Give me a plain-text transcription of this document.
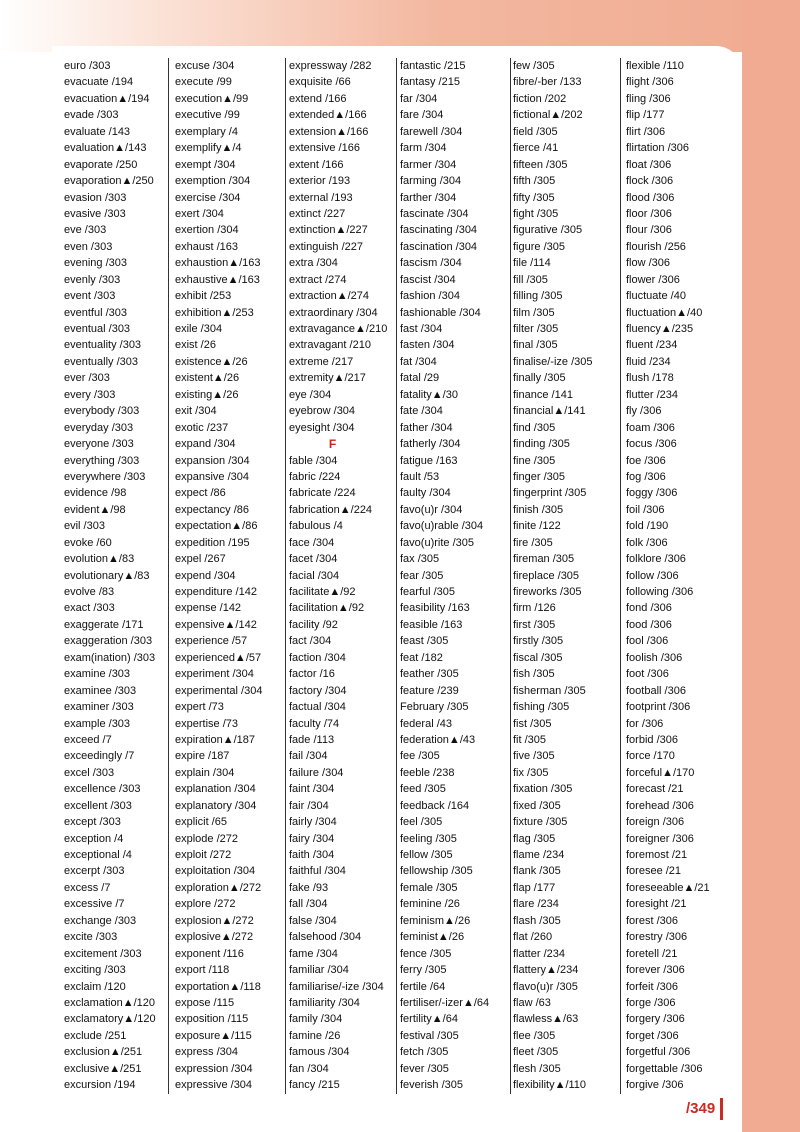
euro /303
evacuate /194
evacuation▲/194
evade /303
evaluate /143
evaluation▲/143
evaporate /250
evaporation▲/250
evasion /303
evasive /303
eve /303
even /303
evening /303
evenly /303
event /303
eventful /303
eventual /303
eventuality /303
eventually /303
ever /303
every /303
everybody /303
everyday /303
everyone /303
everything /303
everywhere /303
evidence /98
evident▲/98
evil /303
evoke /60
evolution▲/83
evolutionary▲/83
evolve /83
exact /303
exaggerate /171
exaggeration /303
exam(ination) /303
examine /303
examinee /303
examiner /303
example /303
exceed /7
exceedingly /7
excel /303
excellence /303
excellent /303
except /303
exception /4
exceptional /4
excerpt /303
excess /7
excessive /7
exchange /303
excite /303
excitement /303
exciting /303
exclaim /120
exclamation▲/120
exclamatory▲/120
exclude /251
exclusion▲/251
exclusive▲/251
excursion /194
excuse /304
execute /99
execution▲/99
executive /99
exemplary /4
exemplify▲/4
exempt /304
exemption /304
exercise /304
exert /304
exertion /304
exhaust /163
exhaustion▲/163
exhaustive▲/163
exhibit /253
exhibition▲/253
exile /304
exist /26
existence▲/26
existent▲/26
existing▲/26
exit /304
exotic /237
expand /304
expansion /304
expansive /304
expect /86
expectancy /86
expectation▲/86
expedition /195
expel /267
expend /304
expenditure /142
expense /142
expensive▲/142
experience /57
experienced▲/57
experiment /304
experimental /304
expert /73
expertise /73
expiration▲/187
expire /187
explain /304
explanation /304
explanatory /304
explicit /65
explode /272
exploit /272
exploitation /304
exploration▲/272
explore /272
explosion▲/272
explosive▲/272
exponent /116
export /118
exportation▲/118
expose /115
exposition /115
exposure▲/115
express /304
expression /304
expressive /304
expressway /282
exquisite /66
extend /166
extended▲/166
extension▲/166
extensive /166
extent /166
exterior /193
external /193
extinct /227
extinction▲/227
extinguish /227
extra /304
extract /274
extraction▲/274
extraordinary /304
extravagance▲/210
extravagant /210
extreme /217
extremity▲/217
eye /304
eyebrow /304
eyesight /304
F
fable /304
fabric /224
fabricate /224
fabrication▲/224
fabulous /4
face /304
facet /304
facial /304
facilitate▲/92
facilitation▲/92
facility /92
fact /304
faction /304
factor /16
factory /304
factual /304
faculty /74
fade /113
fail /304
failure /304
faint /304
fair /304
fairly /304
fairy /304
faith /304
faithful /304
fake /93
fall /304
false /304
falsehood /304
fame /304
familiar /304
familiarise/-ize /304
familiarity /304
family /304
famine /26
famous /304
fan /304
fancy /215
fantastic /215
fantasy /215
far /304
fare /304
farewell /304
farm /304
farmer /304
farming /304
farther /304
fascinate /304
fascinating /304
fascination /304
fascism /304
fascist /304
fashion /304
fashionable /304
fast /304
fasten /304
fat /304
fatal /29
fatality▲/30
fate /304
father /304
fatherly /304
fatigue /163
fault /53
faulty /304
favo(u)r /304
favo(u)rable /304
favo(u)rite /305
fax /305
fear /305
fearful /305
feasibility /163
feasible /163
feast /305
feat /182
feather /305
feature /239
February /305
federal /43
federation▲/43
fee /305
feeble /238
feed /305
feedback /164
feel /305
feeling /305
fellow /305
fellowship /305
female /305
feminine /26
feminism▲/26
feminist▲/26
fence /305
ferry /305
fertile /64
fertiliser/-izer▲/64
fertility▲/64
festival /305
fetch /305
fever /305
feverish /305
few /305
fibre/-ber /133
fiction /202
fictional▲/202
field /305
fierce /41
fifteen /305
fifth /305
fifty /305
fight /305
figurative /305
figure /305
file /114
fill /305
filling /305
film /305
filter /305
final /305
finalise/-ize /305
finally /305
finance /141
financial▲/141
find /305
finding /305
fine /305
finger /305
fingerprint /305
finish /305
finite /122
fire /305
fireman /305
fireplace /305
fireworks /305
firm /126
first /305
firstly /305
fiscal /305
fish /305
fisherman /305
fishing /305
fist /305
fit /305
five /305
fix /305
fixation /305
fixed /305
fixture /305
flag /305
flame /234
flank /305
flap /177
flare /234
flash /305
flat /260
flatter /234
flattery▲/234
flavo(u)r /305
flaw /63
flawless▲/63
flee /305
fleet /305
flesh /305
flexibility▲/110
flexible /110
flight /306
fling /306
flip /177
flirt /306
flirtation /306
float /306
flock /306
flood /306
floor /306
flour /306
flourish /256
flow /306
flower /306
fluctuate /40
fluctuation▲/40
fluency▲/235
fluent /234
fluid /234
flush /178
flutter /234
fly /306
foam /306
focus /306
foe /306
fog /306
foggy /306
foil /306
fold /190
folk /306
folklore /306
follow /306
following /306
fond /306
food /306
fool /306
foolish /306
foot /306
football /306
footprint /306
for /306
forbid /306
force /170
forceful▲/170
forecast /21
forehead /306
foreign /306
foreigner /306
foremost /21
foresee /21
foreseeable▲/21
foresight /21
forest /306
forestry /306
foretell /21
forever /306
forfeit /306
forge /306
forgery /306
forget /306
forgetful /306
forgettable /306
forgive /306
/349
